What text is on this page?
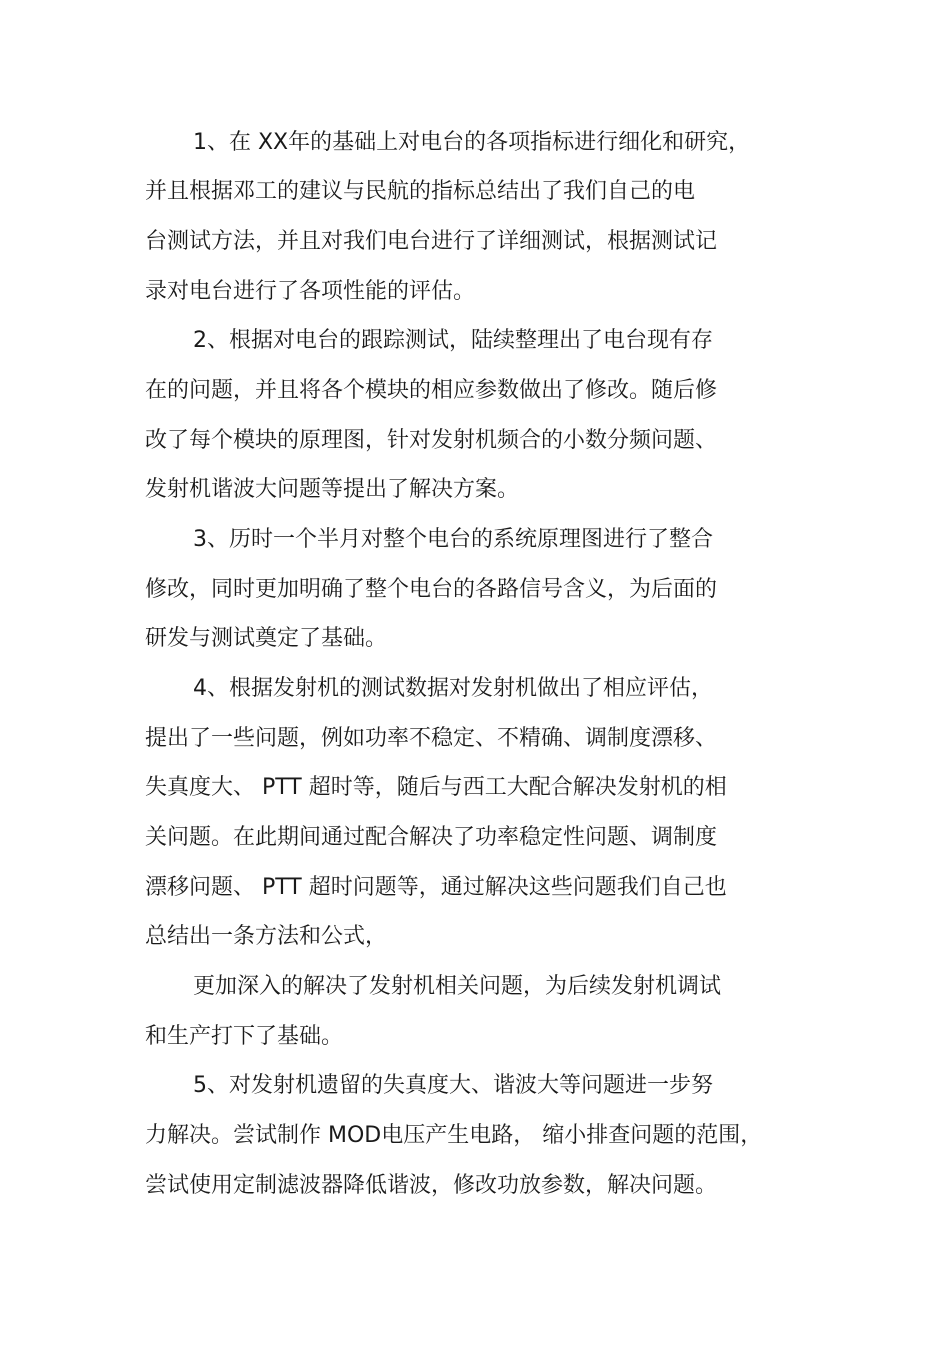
1、在 XX年的基础上对电台的各项指标进行细化和研究，
并且根据邓工的建议与民航的指标总结出了我们自己的电
台测试方法，并且对我们电台进行了详细测试，根据测试记
录对电台进行了各项性能的评估。
2、根据对电台的跟踪测试，陆续整理出了电台现有存
在的问题，并且将各个模块的相应参数做出了修改。随后修
改了每个模块的原理图，针对发射机频合的小数分频问题、
发射机谐波大问题等提出了解决方案。
3、历时一个半月对整个电台的系统原理图进行了整合
修改，同时更加明确了整个电台的各路信号含义，为后面的
研发与测试奠定了基础。
4、根据发射机的测试数据对发射机做出了相应评估，
提出了一些问题，例如功率不稳定、不精确、调制度漂移、
失真度大、 PTT 超时等，随后与西工大配合解决发射机的相
关问题。在此期间通过配合解决了功率稳定性问题、调制度
漂移问题、 PTT 超时问题等，通过解决这些问题我们自己也
总结出一条方法和公式，
更加深入的解决了发射机相关问题，为后续发射机调试
和生产打下了基础。
5、对发射机遗留的失真度大、谐波大等问题进一步努
力解决。尝试制作 MOD电压产生电路， 缩小排查问题的范围，
尝试使用定制滤波器降低谐波，修改功放参数，解决问题。
